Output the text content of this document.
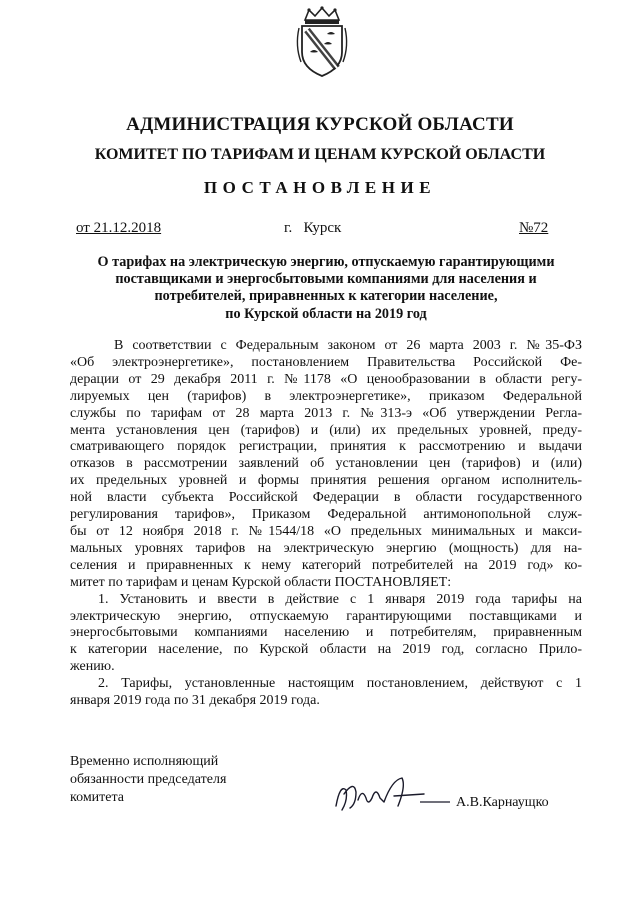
АДМИНИСТРАЦИЯ КУРСКОЙ ОБЛАСТИ
КОМИТЕТ ПО ТАРИФАМ И ЦЕНАМ КУРСКОЙ ОБЛАСТИ
ПОСТАНОВЛЕНИЕ
от 21.12.2018	г.   Курск	№72
О тарифах на электрическую энергию, отпускаемую гарантирующими
поставщиками и энергосбытовыми компаниями для населения и
потребителей, приравненных к категории население,
по Курской области на 2019 год
В соответствии с Федеральным законом от 26 марта 2003 г. №35-ФЗ
«Об электроэнергетике», постановлением Правительства Российской Фе-
дерации от 29 декабря 2011 г. №1178 «О ценообразовании в области регу-
лируемых цен (тарифов) в электроэнергетике», приказом Федеральной
службы по тарифам от 28 марта 2013 г. №313-э «Об утверждении Регла-
мента установления цен (тарифов) и (или) их предельных уровней, преду-
сматривающего порядок регистрации, принятия к рассмотрению и выдачи
отказов в рассмотрении заявлений об установлении цен (тарифов) и (или)
их предельных уровней и формы принятия решения органом исполнитель-
ной власти субъекта Российской Федерации в области государственного
регулирования тарифов», Приказом Федеральной антимонопольной служ-
бы от 12 ноября 2018 г. №1544/18 «О предельных минимальных и макси-
мальных уровнях тарифов на электрическую энергию (мощность) для на-
селения и приравненных к нему категорий потребителей на 2019 год» ко-
митет по тарифам и ценам Курской области ПОСТАНОВЛЯЕТ:
1. Установить и ввести в действие с 1 января 2019 года тарифы на
электрическую энергию, отпускаемую гарантирующими поставщиками и
энергосбытовыми компаниями населению и потребителям, приравненным
к категории население, по Курской области на 2019 год, согласно Прило-
жению.
2. Тарифы, установленные настоящим постановлением, действуют с 1
января 2019 года по 31 декабря 2019 года.
Временно исполняющий
обязанности председателя
комитета	А.В.Карнаущко
